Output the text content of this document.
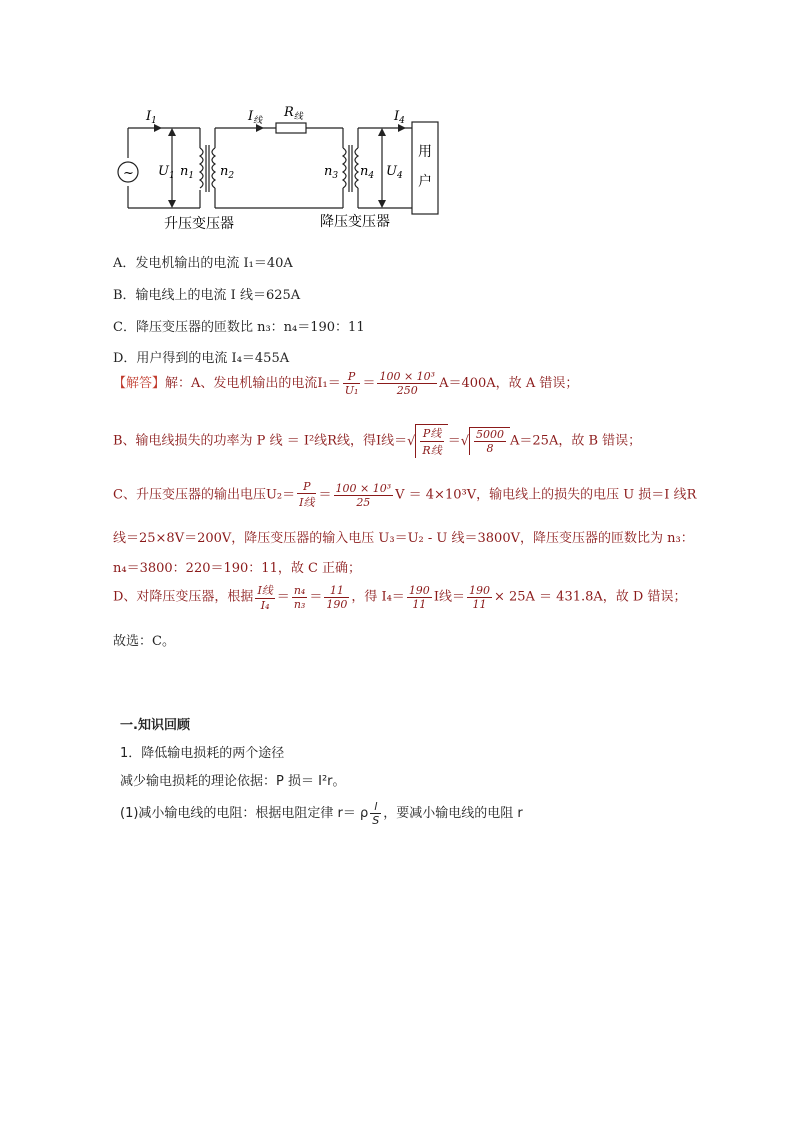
~
$I_1$	$I_线$
$R_线$	$I_4$
$U_1$ $n_1$ $n_2$	$n_3$ $n_4$ $U_4$
用
户
升压变压器	降压变压器
A．发电机输出的电流 I₁＝40A
B．输电线上的电流 I 线＝625A
C．降压变压器的匝数比 n₃：n₄＝190：11
D．用户得到的电流 I₄＝455A
【解答】解：A、发电机输出的电流$I_1= \frac{P}{\text{U₁}} = \frac{\text{100 × 10³}}{250} A=400A$，故 A 错误；
B、输电线损失的功率为 P 线 ＝ I²线R线，得I线＝√ $\frac{\text{P线}}{\text{R线}}$ ＝√ $\frac{5000}{8} A=25A$，故 B 错误；
C、升压变压器的输出电压$U_2= \frac{P}{\text{I线}} = \frac{\text{100 × 10³}}{25}$ V ＝ 4×10³V，输电线上的损失的电压 U 损＝I 线R
线＝25×8V＝200V，降压变压器的输入电压 U₃＝U₂ - U 线＝3800V，降压变压器的匝数比为 n₃：
n₄＝3800：220＝190：11，故 C 正确；
D、对降压变压器，根据 $\frac{\text{I线}}{\text{I₄}} = \frac{\text{n₄}}{\text{n₃}} = \frac{11}{190}$ ，得 $I_4= \frac{190}{11}$ I线＝ $\frac{190}{11} \times 25A = 431.8A$，故 D 错误；
故选：C。
一.知识回顾
1．降低输电损耗的两个途径
减少输电损耗的理论依据：P 损＝ I²r。
(1)减小输电线的电阻：根据电阻定律 r＝ ρ $\frac{l}{S}$ ，要减小输电线的电阻 r
